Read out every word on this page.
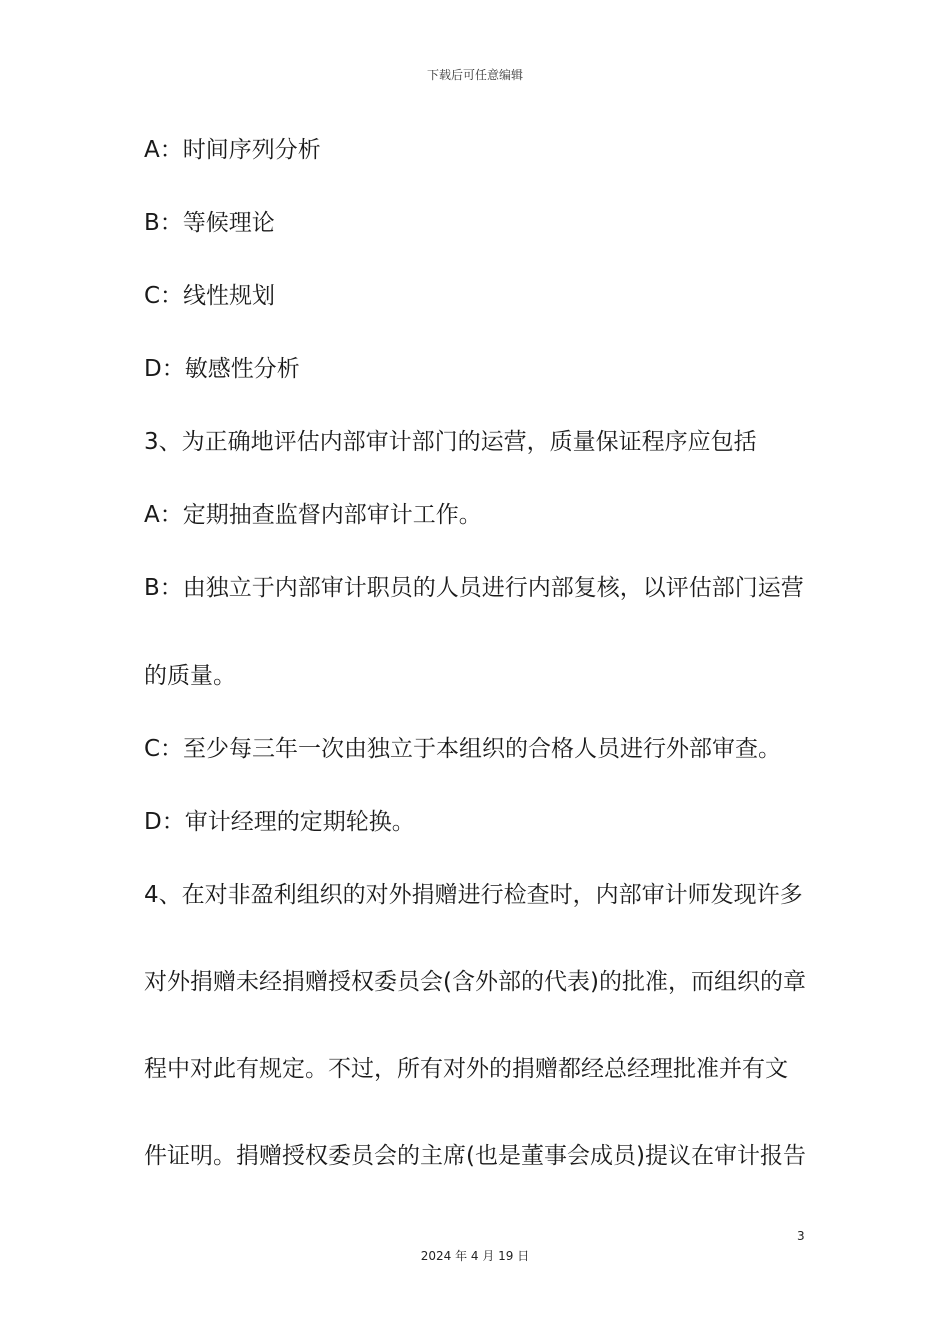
下载后可任意编辑
A：时间序列分析
B：等候理论
C：线性规划
D：敏感性分析
3、为正确地评估内部审计部门的运营，质量保证程序应包括
A：定期抽查监督内部审计工作。
B：由独立于内部审计职员的人员进行内部复核，以评估部门运营
的质量。
C：至少每三年一次由独立于本组织的合格人员进行外部审查。
D：审计经理的定期轮换。
4、在对非盈利组织的对外捐赠进行检查时，内部审计师发现许多
对外捐赠未经捐赠授权委员会(含外部的代表)的批准，而组织的章
程中对此有规定。不过，所有对外的捐赠都经总经理批准并有文
件证明。捐赠授权委员会的主席(也是董事会成员)提议在审计报告
3
2024 年 4 月 19 日
